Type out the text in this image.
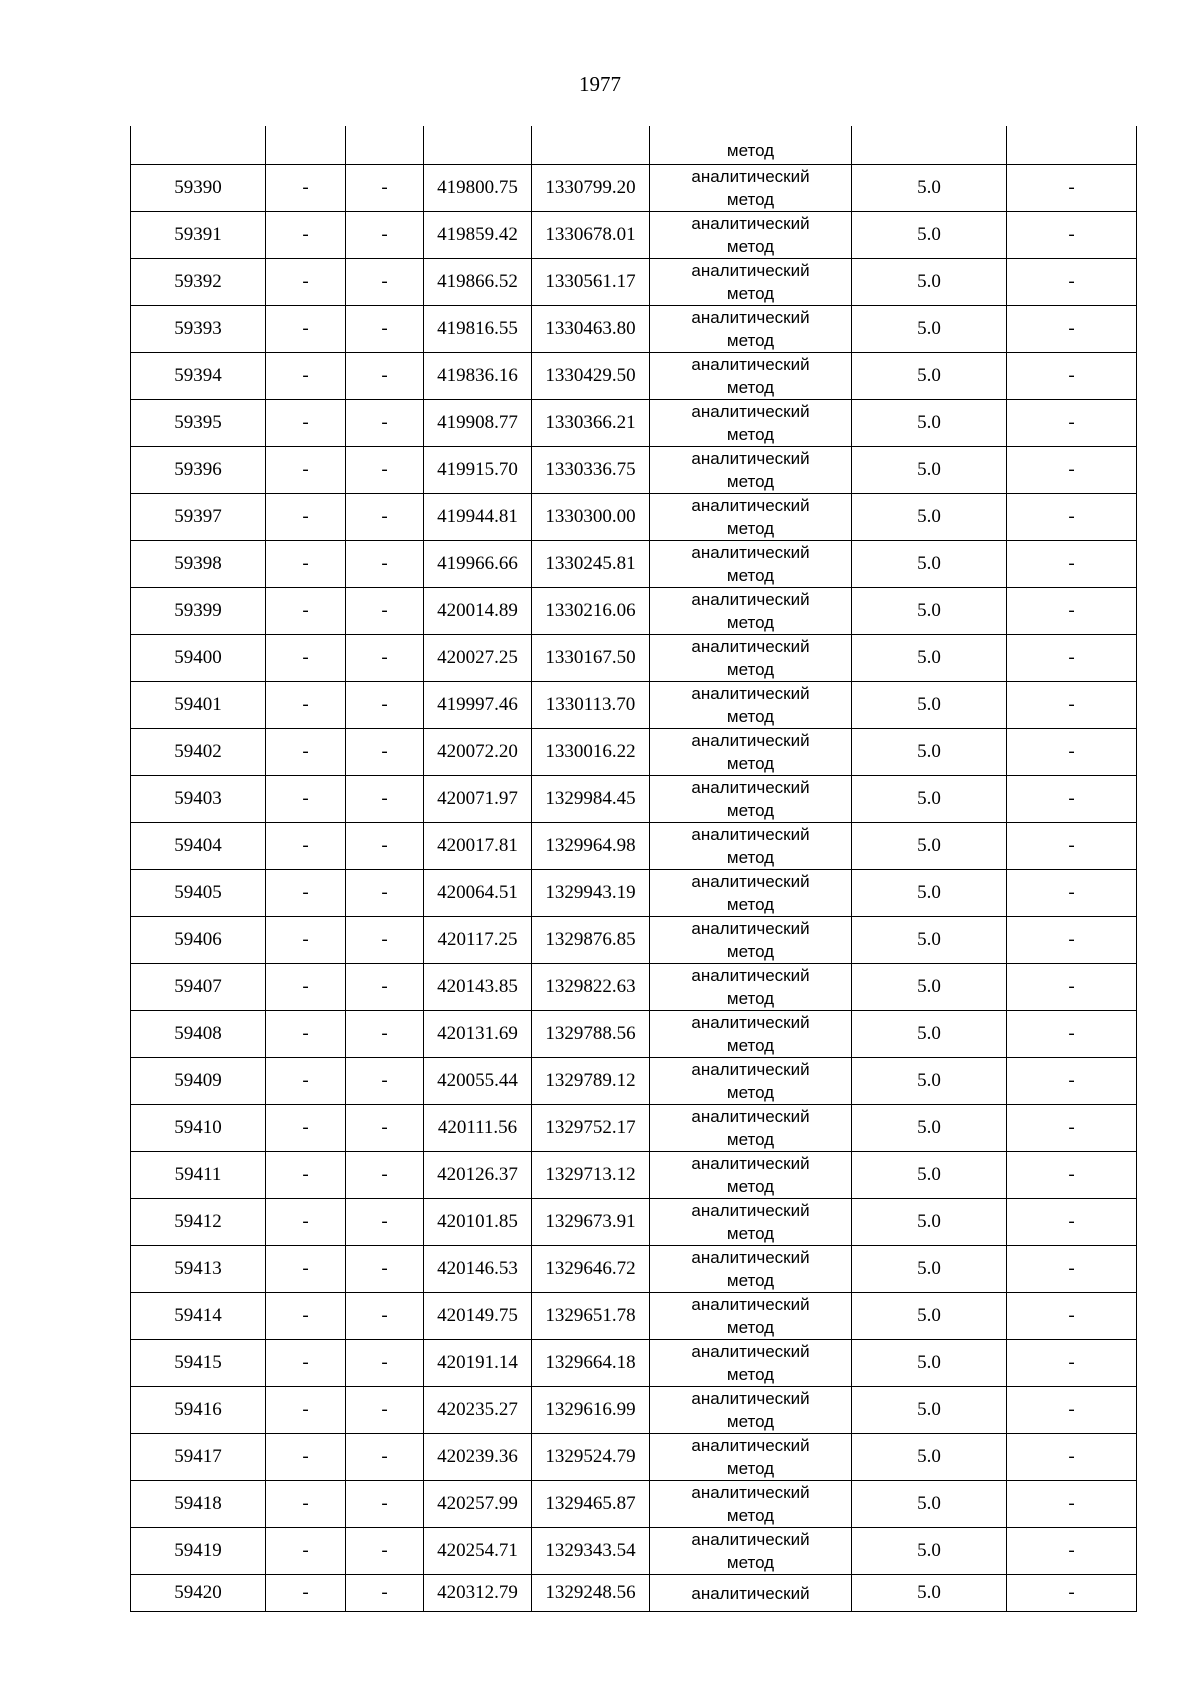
1977
					метод		
59390	-	-	419800.75	1330799.20	аналитический
метод	5.0	-
59391	-	-	419859.42	1330678.01	аналитический
метод	5.0	-
59392	-	-	419866.52	1330561.17	аналитический
метод	5.0	-
59393	-	-	419816.55	1330463.80	аналитический
метод	5.0	-
59394	-	-	419836.16	1330429.50	аналитический
метод	5.0	-
59395	-	-	419908.77	1330366.21	аналитический
метод	5.0	-
59396	-	-	419915.70	1330336.75	аналитический
метод	5.0	-
59397	-	-	419944.81	1330300.00	аналитический
метод	5.0	-
59398	-	-	419966.66	1330245.81	аналитический
метод	5.0	-
59399	-	-	420014.89	1330216.06	аналитический
метод	5.0	-
59400	-	-	420027.25	1330167.50	аналитический
метод	5.0	-
59401	-	-	419997.46	1330113.70	аналитический
метод	5.0	-
59402	-	-	420072.20	1330016.22	аналитический
метод	5.0	-
59403	-	-	420071.97	1329984.45	аналитический
метод	5.0	-
59404	-	-	420017.81	1329964.98	аналитический
метод	5.0	-
59405	-	-	420064.51	1329943.19	аналитический
метод	5.0	-
59406	-	-	420117.25	1329876.85	аналитический
метод	5.0	-
59407	-	-	420143.85	1329822.63	аналитический
метод	5.0	-
59408	-	-	420131.69	1329788.56	аналитический
метод	5.0	-
59409	-	-	420055.44	1329789.12	аналитический
метод	5.0	-
59410	-	-	420111.56	1329752.17	аналитический
метод	5.0	-
59411	-	-	420126.37	1329713.12	аналитический
метод	5.0	-
59412	-	-	420101.85	1329673.91	аналитический
метод	5.0	-
59413	-	-	420146.53	1329646.72	аналитический
метод	5.0	-
59414	-	-	420149.75	1329651.78	аналитический
метод	5.0	-
59415	-	-	420191.14	1329664.18	аналитический
метод	5.0	-
59416	-	-	420235.27	1329616.99	аналитический
метод	5.0	-
59417	-	-	420239.36	1329524.79	аналитический
метод	5.0	-
59418	-	-	420257.99	1329465.87	аналитический
метод	5.0	-
59419	-	-	420254.71	1329343.54	аналитический
метод	5.0	-
59420	-	-	420312.79	1329248.56	аналитический	5.0	-
